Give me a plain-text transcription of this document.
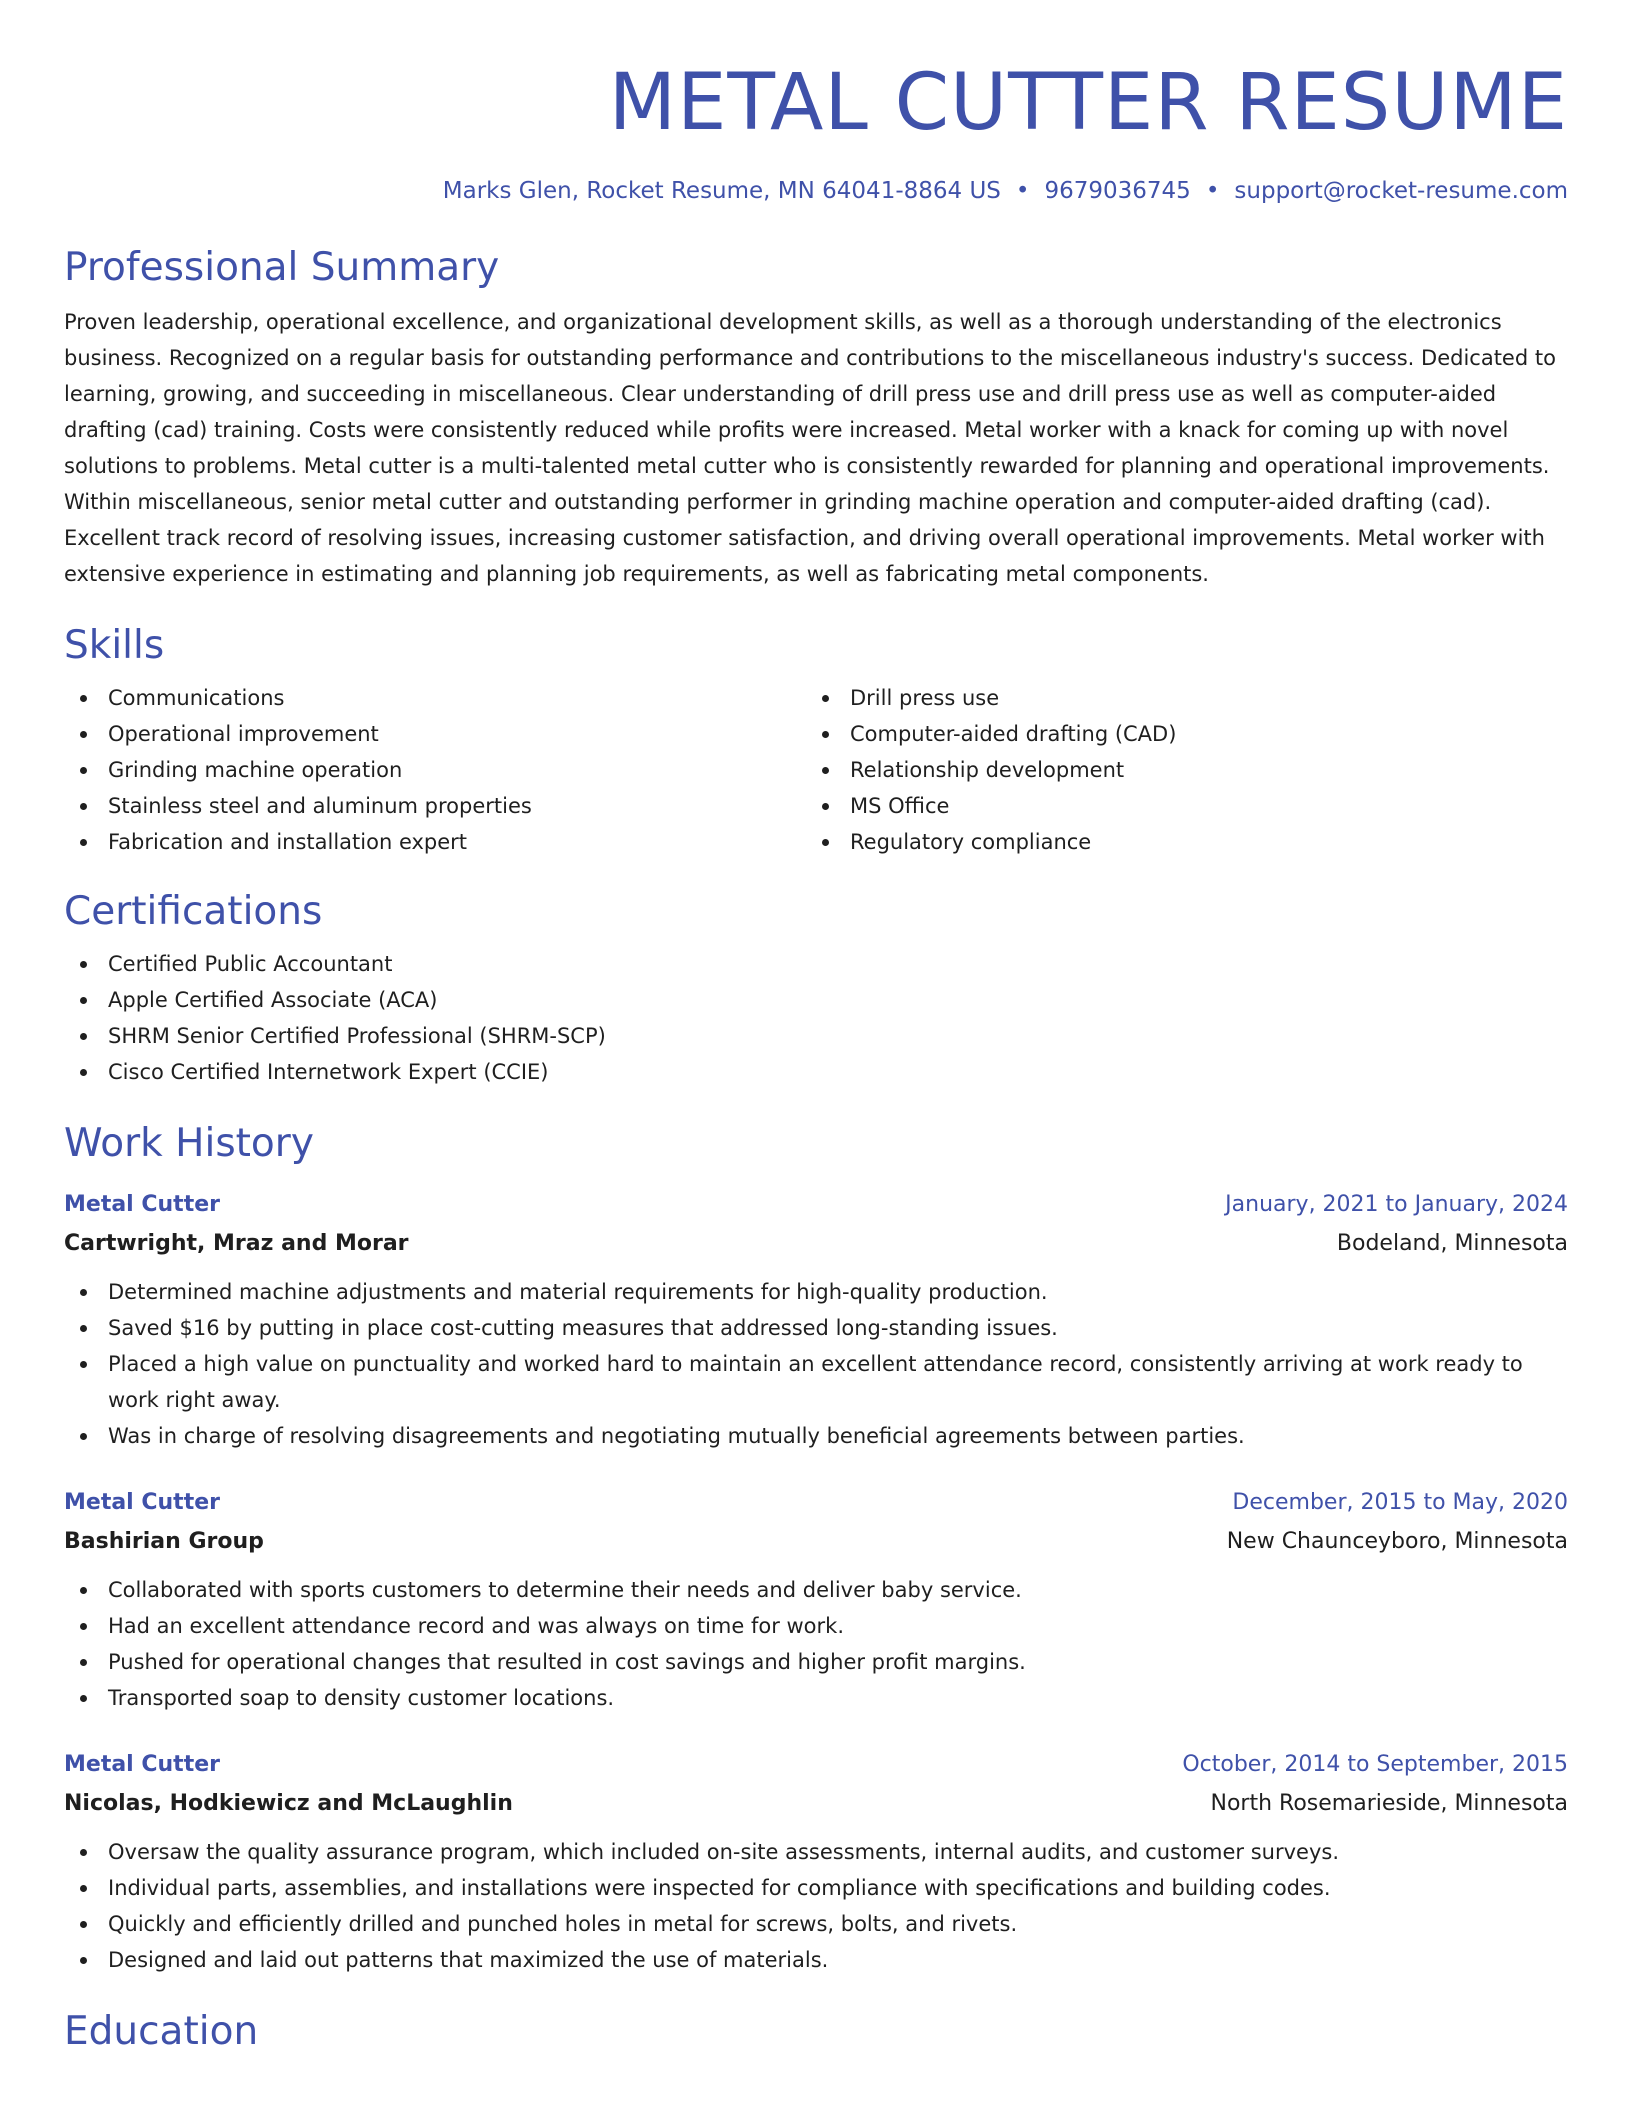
METAL CUTTER RESUME
Marks Glen, Rocket Resume, MN 64041-8864 US • 9679036745 • support@rocket-resume.com
Professional Summary

Proven leadership, operational excellence, and organizational development skills, as well as a thorough understanding of the electronics business. Recognized on a regular basis for outstanding performance and contributions to the miscellaneous industry's success. Dedicated to learning, growing, and succeeding in miscellaneous. Clear understanding of drill press use and drill press use as well as computer-aided drafting (cad) training. Costs were consistently reduced while profits were increased. Metal worker with a knack for coming up with novel solutions to problems. Metal cutter is a multi-talented metal cutter who is consistently rewarded for planning and operational improvements. Within miscellaneous, senior metal cutter and outstanding performer in grinding machine operation and computer-aided drafting (cad). Excellent track record of resolving issues, increasing customer satisfaction, and driving overall operational improvements. Metal worker with extensive experience in estimating and planning job requirements, as well as fabricating metal components.

Skills
Communications
Operational improvement
Grinding machine operation
Stainless steel and aluminum properties
Fabrication and installation expert
Drill press use
Computer-aided drafting (CAD)
Relationship development
MS Office
Regulatory compliance
Certifications
Certified Public Accountant
Apple Certified Associate (ACA)
SHRM Senior Certified Professional (SHRM-SCP)
Cisco Certified Internetwork Expert (CCIE)
Work History
Metal Cutter	January, 2021 to January, 2024
Cartwright, Mraz and Morar	Bodeland, Minnesota
Determined machine adjustments and material requirements for high-quality production.
Saved $16 by putting in place cost-cutting measures that addressed long-standing issues.
Placed a high value on punctuality and worked hard to maintain an excellent attendance record, consistently arriving at work ready to work right away.
Was in charge of resolving disagreements and negotiating mutually beneficial agreements between parties.
Metal Cutter	December, 2015 to May, 2020
Bashirian Group	New Chaunceyboro, Minnesota
Collaborated with sports customers to determine their needs and deliver baby service.
Had an excellent attendance record and was always on time for work.
Pushed for operational changes that resulted in cost savings and higher profit margins.
Transported soap to density customer locations.
Metal Cutter	October, 2014 to September, 2015
Nicolas, Hodkiewicz and McLaughlin	North Rosemarieside, Minnesota
Oversaw the quality assurance program, which included on-site assessments, internal audits, and customer surveys.
Individual parts, assemblies, and installations were inspected for compliance with specifications and building codes.
Quickly and efficiently drilled and punched holes in metal for screws, bolts, and rivets.
Designed and laid out patterns that maximized the use of materials.
Education
